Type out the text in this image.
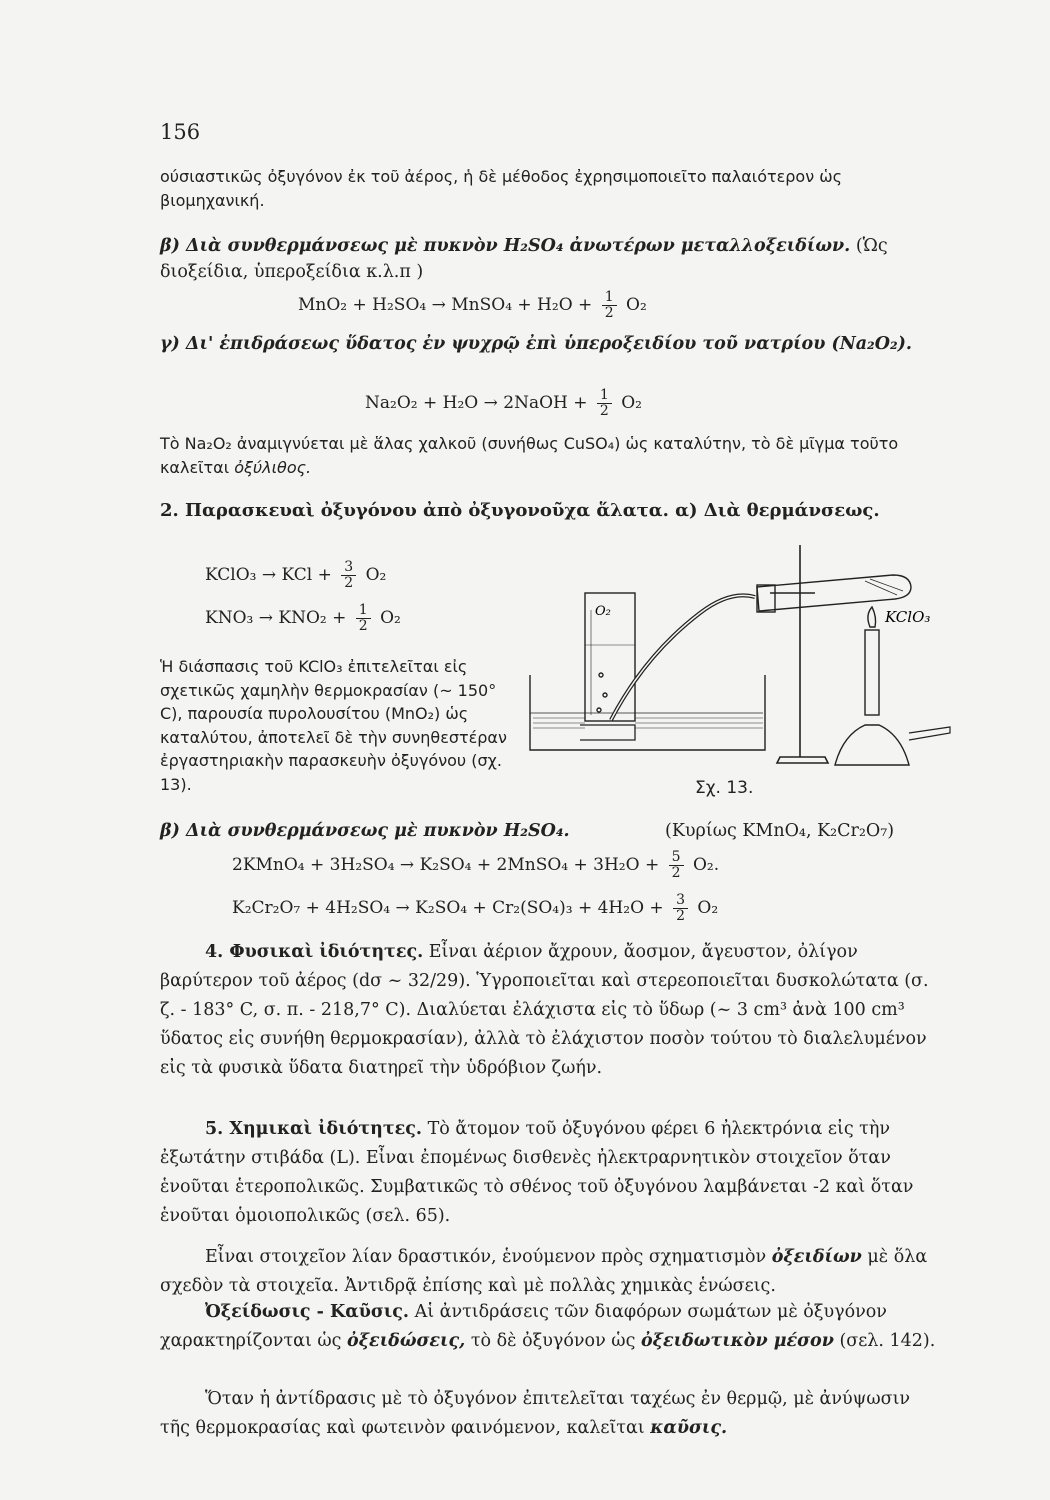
156
ούσιαστικῶς ὀξυγόνον ἐκ τοῦ ἀέρος, ἡ δὲ μέθοδος ἐχρησιμοποιεῖτο παλαιότερον ὡς βιομηχανική.
β) Διὰ συνθερμάνσεως μὲ πυκνὸν H₂SO₄ ἀνωτέρων μεταλλοξειδίων. (Ὡς διοξείδια, ὑπεροξείδια κ.λ.π )
MnO₂ + H₂SO₄ → MnSO₄ + $H_2O + \frac{1}{2} O_2$
γ) Δι' ἐπιδράσεως ὕδατος ἐν ψυχρῷ ἐπὶ ὑπεροξειδίου τοῦ νατρίου (Na₂O₂).
Na₂O₂ + H₂O → 2NaOH + $\frac{1}{2} O_2$
Τὸ Na₂O₂ ἀναμιγνύεται μὲ ἅλας χαλκοῦ (συνήθως CuSO₄) ὡς καταλύτην, τὸ δὲ μῖγμα τοῦτο καλεῖται ὀξύλιθος.
2. Παρασκευαὶ ὀξυγόνου ἀπὸ ὀξυγονοῦχα ἅλατα. α) Διὰ θερμάνσεως.
KClO₃ → KCl + $\frac{3}{2} O_2$
$KNO_3 \to KNO_2 + \frac{1}{2} O_2$
Ἡ διάσπασις τοῦ KClO₃ ἐπιτελεῖται εἰς σχετικῶς χαμηλὴν θερμοκρασίαν (~ 150° C), παρουσία πυρολουσίτου (MnO₂) ὡς καταλύτου, ἀποτελεῖ δὲ τὴν συνηθεστέραν ἐργαστηριακὴν παρασκευὴν ὀξυγόνου (σχ. 13).
O₂	KClO₃
Σχ. 13.
β) Διὰ συνθερμάνσεως μὲ πυκνὸν H₂SO₄.	(Κυρίως KMnO₄, K₂Cr₂O₇)
2KMnO₄ + 3H₂SO₄ → K₂SO₄ + 2MnSO₄ + $3H_2O + \frac{5}{2} O_2$.
$K_2Cr_2O_7 + 4H_2SO_4 \to K_2SO_4 + Cr_2(SO_4)_3 + 4H_2O + \frac{3}{2} O_2$
4. Φυσικαὶ ἰδιότητες. Εἶναι ἀέριον ἄχρουν, ἄοσμον, ἄγευστον, ὀλίγον βαρύτερον τοῦ ἀέρος (dσ ~ 32/29). Ὑγροποιεῖται καὶ στερεοποιεῖται δυσκολώτατα (σ. ζ. - 183° C, σ. π. - 218,7° C). Διαλύεται ἐλάχιστα εἰς τὸ ὕδωρ (~ 3 cm³ ἀνὰ 100 cm³ ὕδατος εἰς συνήθη θερμοκρασίαν), ἀλλὰ τὸ ἐλάχιστον ποσὸν τούτου τὸ διαλελυμένον εἰς τὰ φυσικὰ ὕδατα διατηρεῖ τὴν ὑδρόβιον ζωήν.
5. Χημικαὶ ἰδιότητες. Τὸ ἄτομον τοῦ ὀξυγόνου φέρει 6 ἠλεκτρόνια εἰς τὴν ἐξωτάτην στιβάδα (L). Εἶναι ἐπομένως δισθενὲς ἠλεκτραρνητικὸν στοιχεῖον ὅταν ἑνοῦται ἑτεροπολικῶς. Συμβατικῶς τὸ σθένος τοῦ ὀξυγόνου λαμβάνεται -2 καὶ ὅταν ἑνοῦται ὁμοιοπολικῶς (σελ. 65).
Εἶναι στοιχεῖον λίαν δραστικόν, ἑνούμενον πρὸς σχηματισμὸν ὀξειδίων μὲ ὅλα σχεδὸν τὰ στοιχεῖα. Ἀντιδρᾷ ἐπίσης καὶ μὲ πολλὰς χημικὰς ἑνώσεις.
Ὀξείδωσις - Καῦσις. Αἱ ἀντιδράσεις τῶν διαφόρων σωμάτων μὲ ὀξυγόνον χαρακτηρίζονται ὡς ὀξειδώσεις, τὸ δὲ ὀξυγόνον ὡς ὀξειδωτικὸν μέσον (σελ. 142).
Ὅταν ἡ ἀντίδρασις μὲ τὸ ὀξυγόνον ἐπιτελεῖται ταχέως ἐν θερμῷ, μὲ ἀνύψωσιν τῆς θερμοκρασίας καὶ φωτεινὸν φαινόμενον, καλεῖται καῦσις.
